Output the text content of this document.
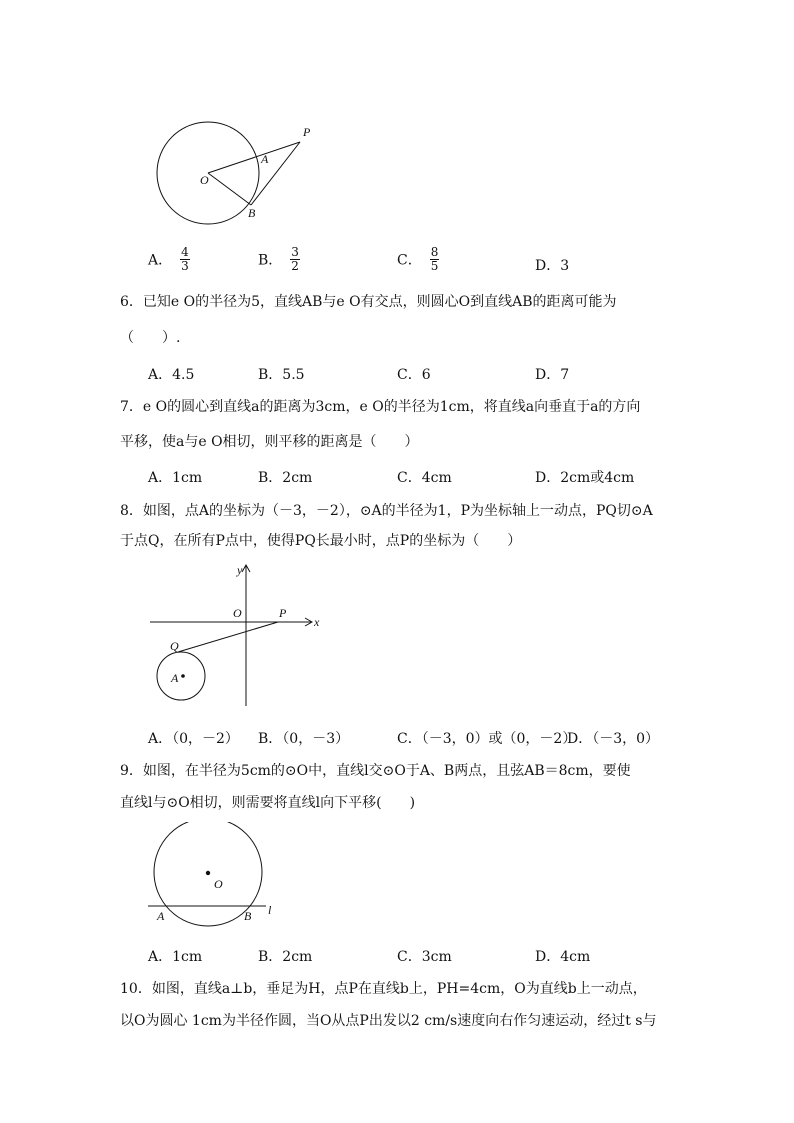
O
A
B
P
A． $\frac{4}{3}$	B． $\frac{3}{2}$	C． $\frac{8}{5}$	D．3
6．已知e O的半径为5，直线AB与e O有交点，则圆心O到直线AB的距离可能为
（　　）.
A．4.5	B．5.5	C．6	D．7
7．e O的圆心到直线a的距离为3cm，e O的半径为1cm，将直线a向垂直于a的方向
平移，使a与e O相切，则平移的距离是（　　）
A．1cm	B．2cm	C．4cm	D．2cm或4cm
8．如图，点A的坐标为（－3，－2），⊙A的半径为1，P为坐标轴上一动点，PQ切⊙A
于点Q，在所有P点中，使得PQ长最小时，点P的坐标为（　　）
y
x
O	P
Q
A
A．（0，－2） B．（0，－3）	C．（－3，0）或（0，－2）
D．（－3，0）
9．如图，在半径为5cm的⊙O中，直线l交⊙O于A、B两点，且弦AB＝8cm，要使
直线l与⊙O相切，则需要将直线l向下平移(　　)
O
A	B l
A．1cm	B．2cm	C．3cm	D．4cm
10．如图，直线a⊥b，垂足为H，点P在直线b上，PH=4cm，O为直线b上一动点，
以O为圆心 1cm为半径作圆，当O从点P出发以2 cm/s速度向右作匀速运动，经过t s与
